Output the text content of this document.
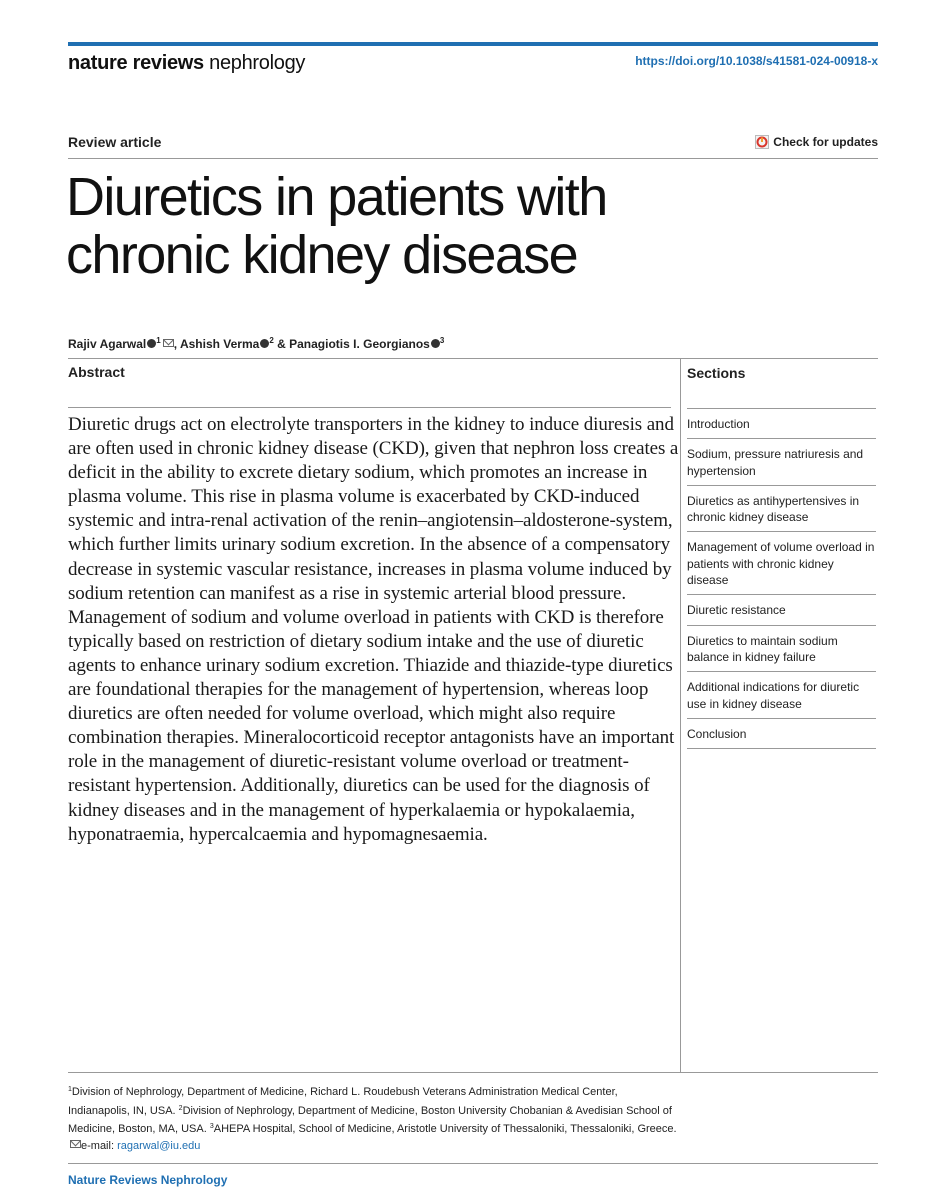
nature reviews nephrology	https://doi.org/10.1038/s41581-024-00918-x
Review article	Check for updates
Diuretics in patients with chronic kidney disease
Rajiv Agarwal $^1$ , Ashish Verma $^2$ & Panagiotis I. Georgianos $^3$
Abstract

Diuretic drugs act on electrolyte transporters in the kidney to induce diuresis and are often used in chronic kidney disease (CKD), given that nephron loss creates a deficit in the ability to excrete dietary sodium, which promotes an increase in plasma volume. This rise in plasma volume is exacerbated by CKD-induced systemic and intra-renal activation of the renin–angiotensin–aldosterone-system, which further limits urinary sodium excretion. In the absence of a compensatory decrease in systemic vascular resistance, increases in plasma volume induced by sodium retention can manifest as a rise in systemic arterial blood pressure. Management of sodium and volume overload in patients with CKD is therefore typically based on restriction of dietary sodium intake and the use of diuretic agents to enhance urinary sodium excretion. Thiazide and thiazide-type diuretics are foundational therapies for the management of hypertension, whereas loop diuretics are often needed for volume overload, which might also require combination therapies. Mineralocorticoid receptor antagonists have an important role in the management of diuretic-resistant volume overload or treatment-resistant hypertension. Additionally, diuretics can be used for the diagnosis of kidney diseases and in the management of hyperkalaemia or hypokalaemia, hyponatraemia, hypercalcaemia and hypomagnesaemia.

Sections
Introduction
Sodium, pressure natriuresis and hypertension
Diuretics as antihypertensives in chronic kidney disease
Management of volume overload in patients with chronic kidney disease
Diuretic resistance
Diuretics to maintain sodium balance in kidney failure
Additional indications for diuretic use in kidney disease
Conclusion

$^1$Division of Nephrology, Department of Medicine, Richard L. Roudebush Veterans Administration Medical Center, Indianapolis, IN, USA. $^2$Division of Nephrology, Department of Medicine, Boston University Chobanian & Avedisian School of Medicine, Boston, MA, USA. $^3$AHEPA Hospital, School of Medicine, Aristotle University of Thessaloniki, Thessaloniki, Greece. e-mail: ragarwal@iu.edu

Nature Reviews Nephrology
